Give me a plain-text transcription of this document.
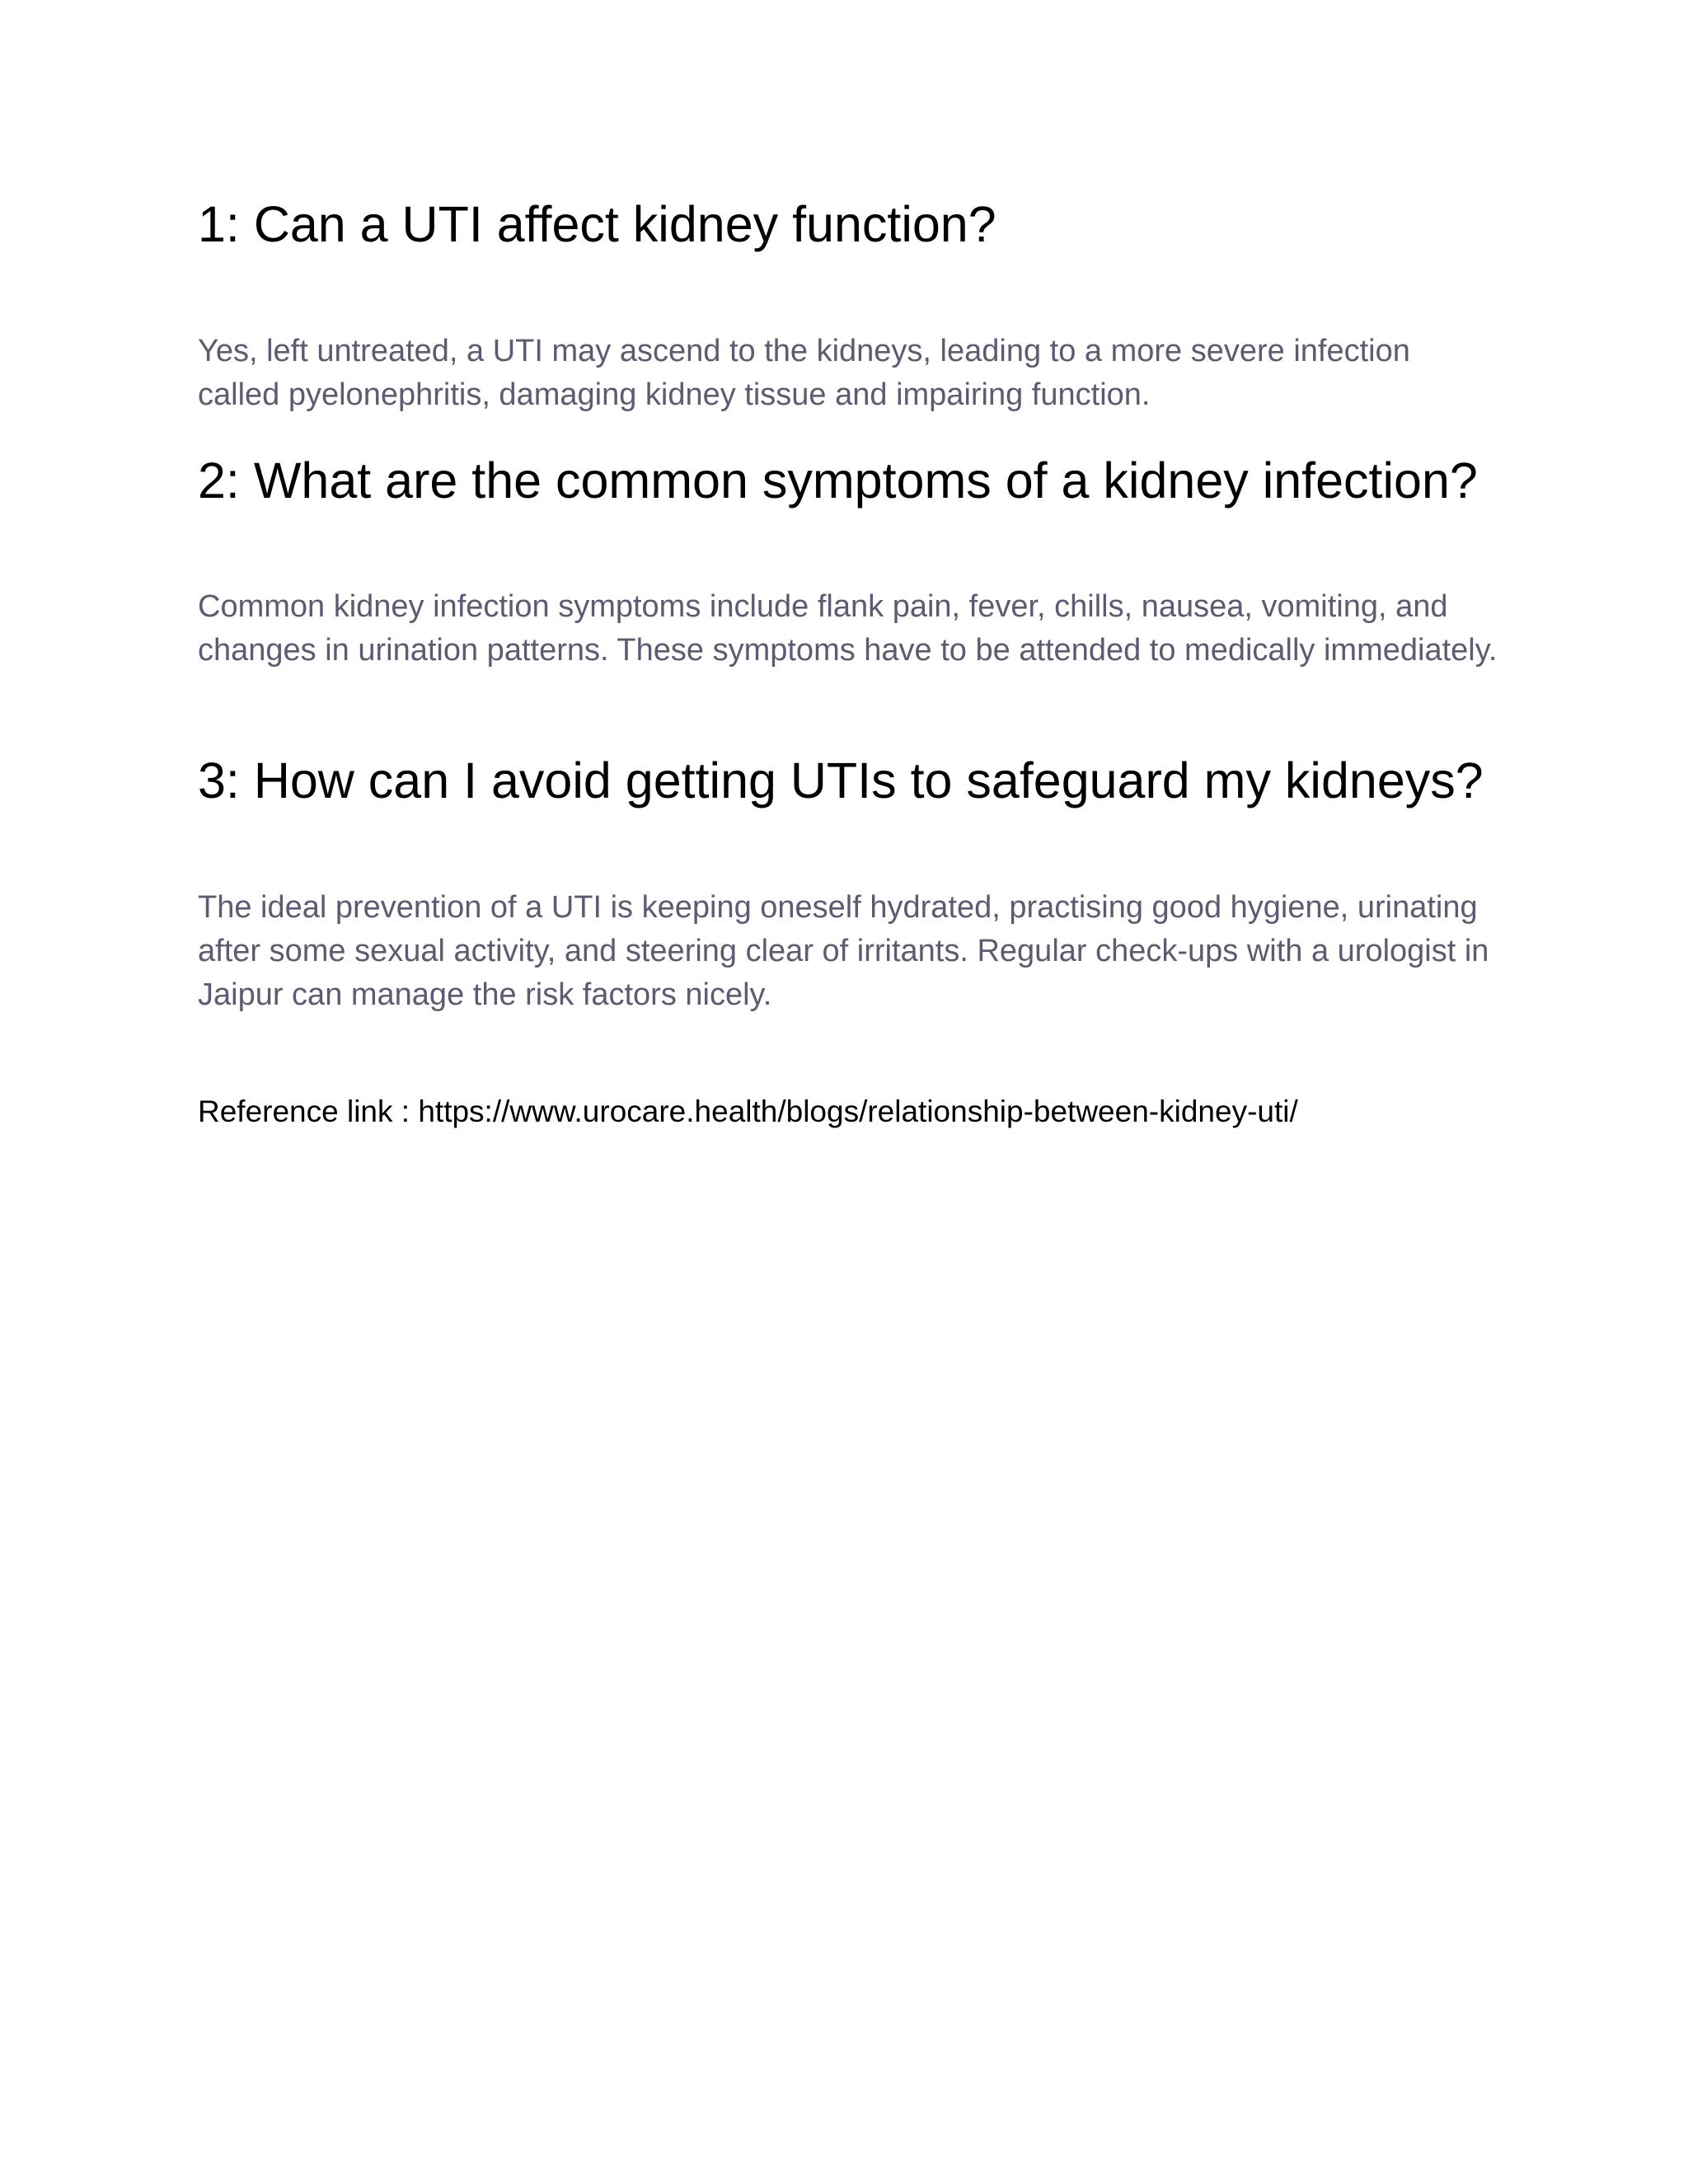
1: Can a UTI affect kidney function?

Yes, left untreated, a UTI may ascend to the kidneys, leading to a more severe infection called pyelonephritis, damaging kidney tissue and impairing function.

2: What are the common symptoms of a kidney infection?

Common kidney infection symptoms include flank pain, fever, chills, nausea, vomiting, and changes in urination patterns. These symptoms have to be attended to medically immediately.

3: How can I avoid getting UTIs to safeguard my kidneys?

The ideal prevention of a UTI is keeping oneself hydrated, practising good hygiene, urinating after some sexual activity, and steering clear of irritants. Regular check-ups with a urologist in Jaipur can manage the risk factors nicely.

Reference link : https://www.urocare.health/blogs/relationship-between-kidney-uti/
